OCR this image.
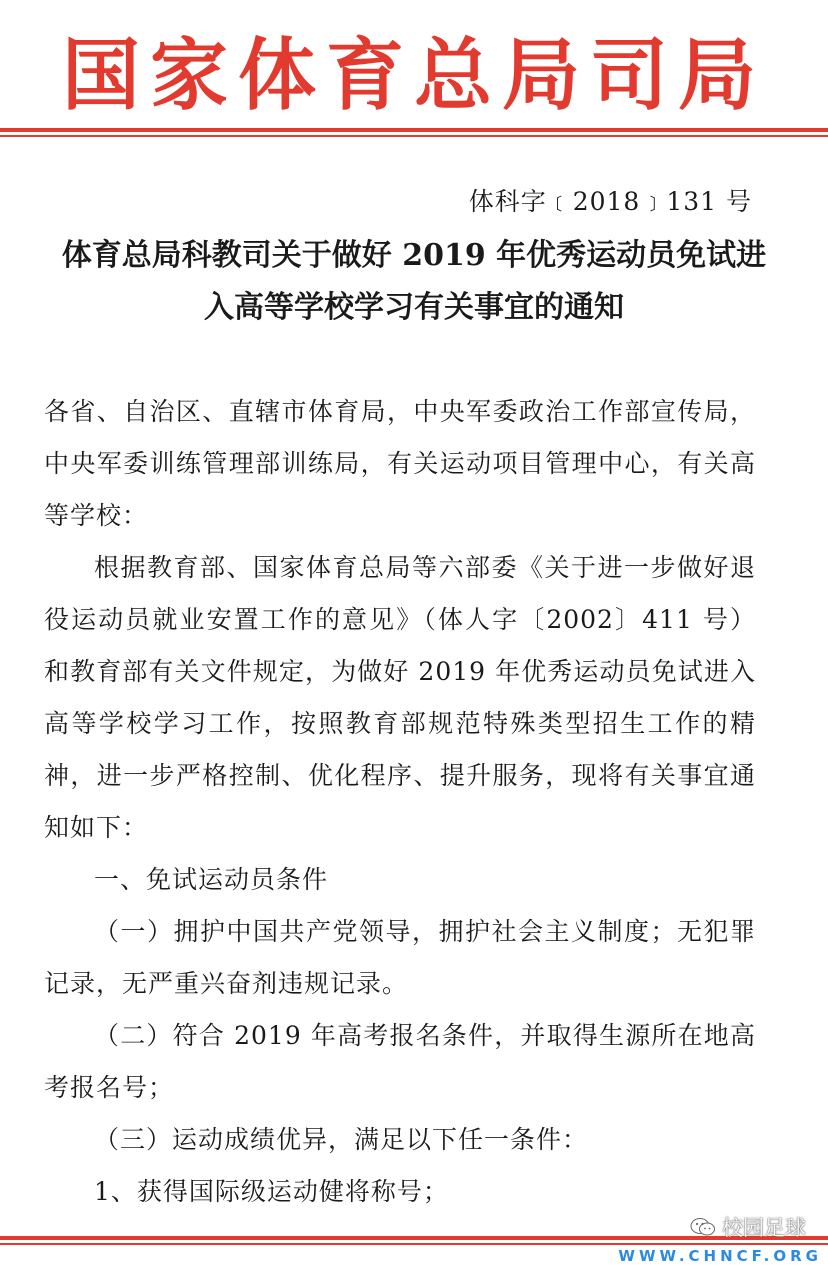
国家体育总局司局
体科字﹝2018﹞131 号
体育总局科教司关于做好 2019 年优秀运动员免试进
入高等学校学习有关事宜的通知

各省、自治区、直辖市体育局，中央军委政治工作部宣传局，中央军委训练管理部训练局，有关运动项目管理中心，有关高等学校：

根据教育部、国家体育总局等六部委《关于进一步做好退役运动员就业安置工作的意见》（体人字〔2002〕411 号）和教育部有关文件规定，为做好 2019 年优秀运动员免试进入高等学校学习工作，按照教育部规范特殊类型招生工作的精神，进一步严格控制、优化程序、提升服务，现将有关事宜通知如下：

一、免试运动员条件

（一）拥护中国共产党领导，拥护社会主义制度；无犯罪记录，无严重兴奋剂违规记录。

（二）符合 2019 年高考报名条件，并取得生源所在地高考报名号；

（三）运动成绩优异，满足以下任一条件：

1、获得国际级运动健将称号；

校园足球
WWW.CHNCF.ORG
